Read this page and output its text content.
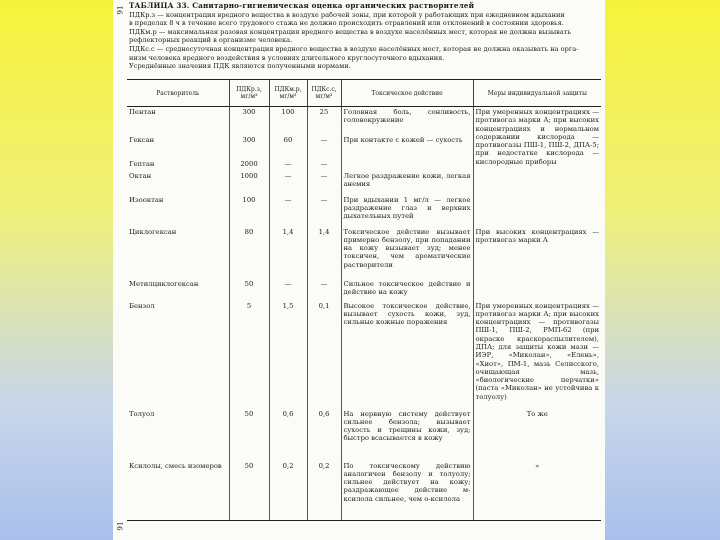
91
91

ТАБЛИЦА 33. Санитарно-гигиеническая оценка органических растворителей

ПДКр.з — концентрация вредного вещества в воздухе рабочей зоны, при которой у работающих при ежедневном вдыхании

в пределах 8 ч в течение всего трудового стажа не должно происходить отравлений или отклонений в состоянии здоровья.

ПДКм.р — максимальная разовая концентрация вредного вещества в воздухе населённых мест, которая не должна вызывать

рефлекторных реакций в организме человека.

ПДКс.с — среднесуточная концентрация вредного вещества в воздухе населённых мест, которая не должна оказывать на орга-

низм человека вредного воздействия в условиях длительного круглосуточного вдыхания.

Усреднённые значения ПДК являются полученными нормами.

Растворитель	ПДКр.з, мг/м³	ПДКм.р, мг/м³	ПДКс.с, мг/м³	Токсическое действие	Меры индивидуальной защиты
Пентан	300	100	25	Головная боль, сонливость, головокружение	При умеренных концентрациях — противогаз марки А; при высоких концентрациях и нормальном содержании кислорода — противогазы ПШ-1, ПШ-2, ДПА-5; при недостатке кислорода — кислородные приборы
Гексан	300	60	—	При контакте с кожей — сухость	
Гептан	2000	—	—		
Октан	1000	—	—	Легкое раздражение кожи, легкая анемия	
Изооктан	100	—	—	При вдыхании 1 мг/л — легкое раздражение глаз и верхних дыхательных путей	
Циклогексан	80	1,4	1,4	Токсическое действие вызывает примерно бензолу, при попадании на кожу вызывает зуд; менее токсичен, чем ароматические растворители	При высоких концентрациях — противогаз марки А
Метилциклогексан	50	—	—	Сильное токсическое действие и действие на кожу	
Бензол	5	1,5	0,1	Высокое токсическое действие, вызывает сухость кожи, зуд, сильные кожные поражения	При умеренных концентрациях — противогаз марки А; при высоких концентрациях — противогазы ПШ-1, ПШ-2, РМП-62 (при окраске краскораспылителем), ДПА; для защиты кожи мази — ИЭР, «Миколан», «Елень», «Хиот», ПМ-1, мазь Селисского, очищающая мазь, «биологические перчатки» (паста «Миколан» не устойчива к толуолу)
Толуол	50	0,6	0,6	На нервную систему действует сильнее бензола; вызывает сухость и трещины кожи, зуд; быстро всасывается в кожу	То же
Ксилолы, смесь изомеров	50	0,2	0,2	По токсическому действию аналогичен бензолу и толуолу; сильнее действует на кожу; раздражающее действие м-ксилола сильнее, чем о-ксилола	»
